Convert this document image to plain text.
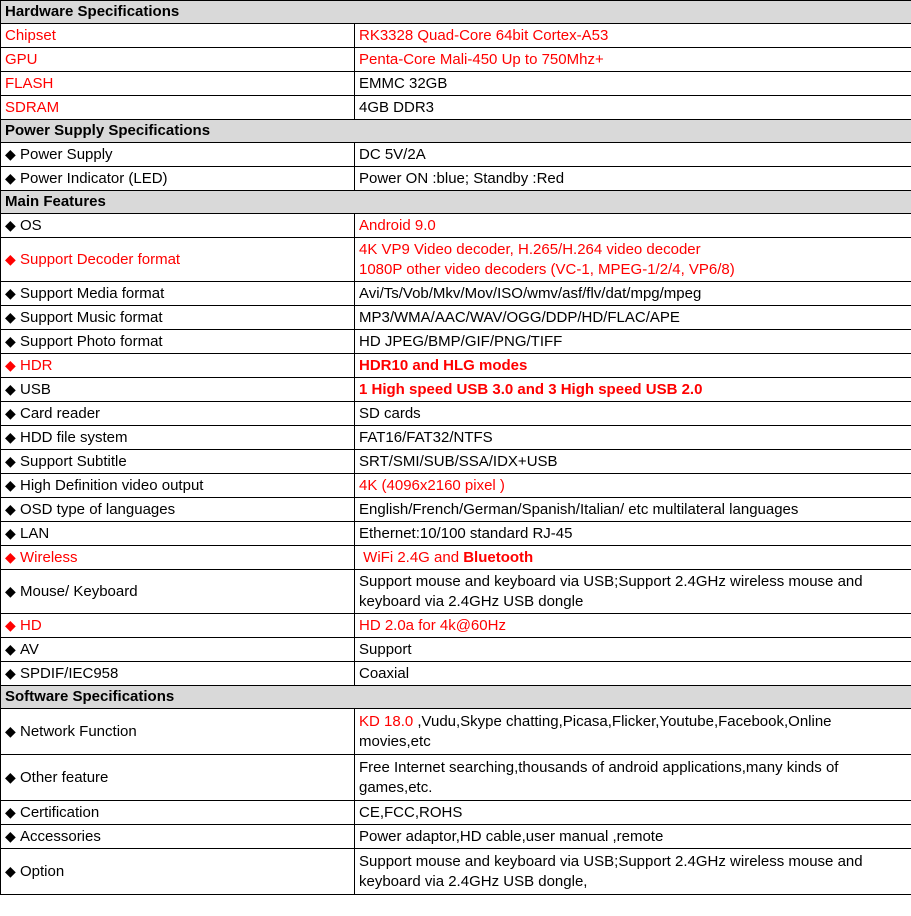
Hardware Specifications	
Chipset	RK3328 Quad-Core 64bit Cortex-A53
GPU	Penta-Core Mali-450 Up to 750Mhz+
FLASH	EMMC 32GB
SDRAM	4GB DDR3
Power Supply Specifications	
◆ Power Supply	DC 5V/2A
◆ Power Indicator (LED)	Power ON :blue; Standby :Red
Main Features	
◆ OS	Android 9.0
◆ Support Decoder format	4K VP9 Video decoder, H.265/H.264 video decoder
1080P other video decoders (VC-1, MPEG-1/2/4, VP6/8)

◆ Support Media format	Avi/Ts/Vob/Mkv/Mov/ISO/wmv/asf/flv/dat/mpg/mpeg
◆ Support Music format	MP3/WMA/AAC/WAV/OGG/DDP/HD/FLAC/APE
◆ Support Photo format	HD JPEG/BMP/GIF/PNG/TIFF
◆ HDR	HDR10 and HLG modes
◆ USB	1 High speed USB 3.0 and 3 High speed USB 2.0
◆ Card reader	SD cards
◆ HDD file system	FAT16/FAT32/NTFS
◆ Support Subtitle	SRT/SMI/SUB/SSA/IDX+USB
◆ High Definition video output	4K (4096x2160 pixel )
◆ OSD type of languages	English/French/German/Spanish/Italian/ etc multilateral languages
◆ LAN	Ethernet:10/100 standard RJ-45
◆ Wireless	WiFi 2.4G and Bluetooth
◆ Mouse/ Keyboard	Support mouse and keyboard via USB;Support 2.4GHz wireless mouse and
keyboard via 2.4GHz USB dongle

◆ HD	HD 2.0a for 4k@60Hz
◆ AV	Support
◆ SPDIF/IEC958	Coaxial
Software Specifications	
◆ Network Function	KD 18.0 ,Vudu,Skype chatting,Picasa,Flicker,Youtube,Facebook,Online
movies,etc

◆ Other feature	Free Internet searching,thousands of android applications,many kinds of
games,etc.

◆ Certification	CE,FCC,ROHS
◆ Accessories	Power adaptor,HD cable,user manual ,remote
◆ Option	Support mouse and keyboard via USB;Support 2.4GHz wireless mouse and
keyboard via 2.4GHz USB dongle,
